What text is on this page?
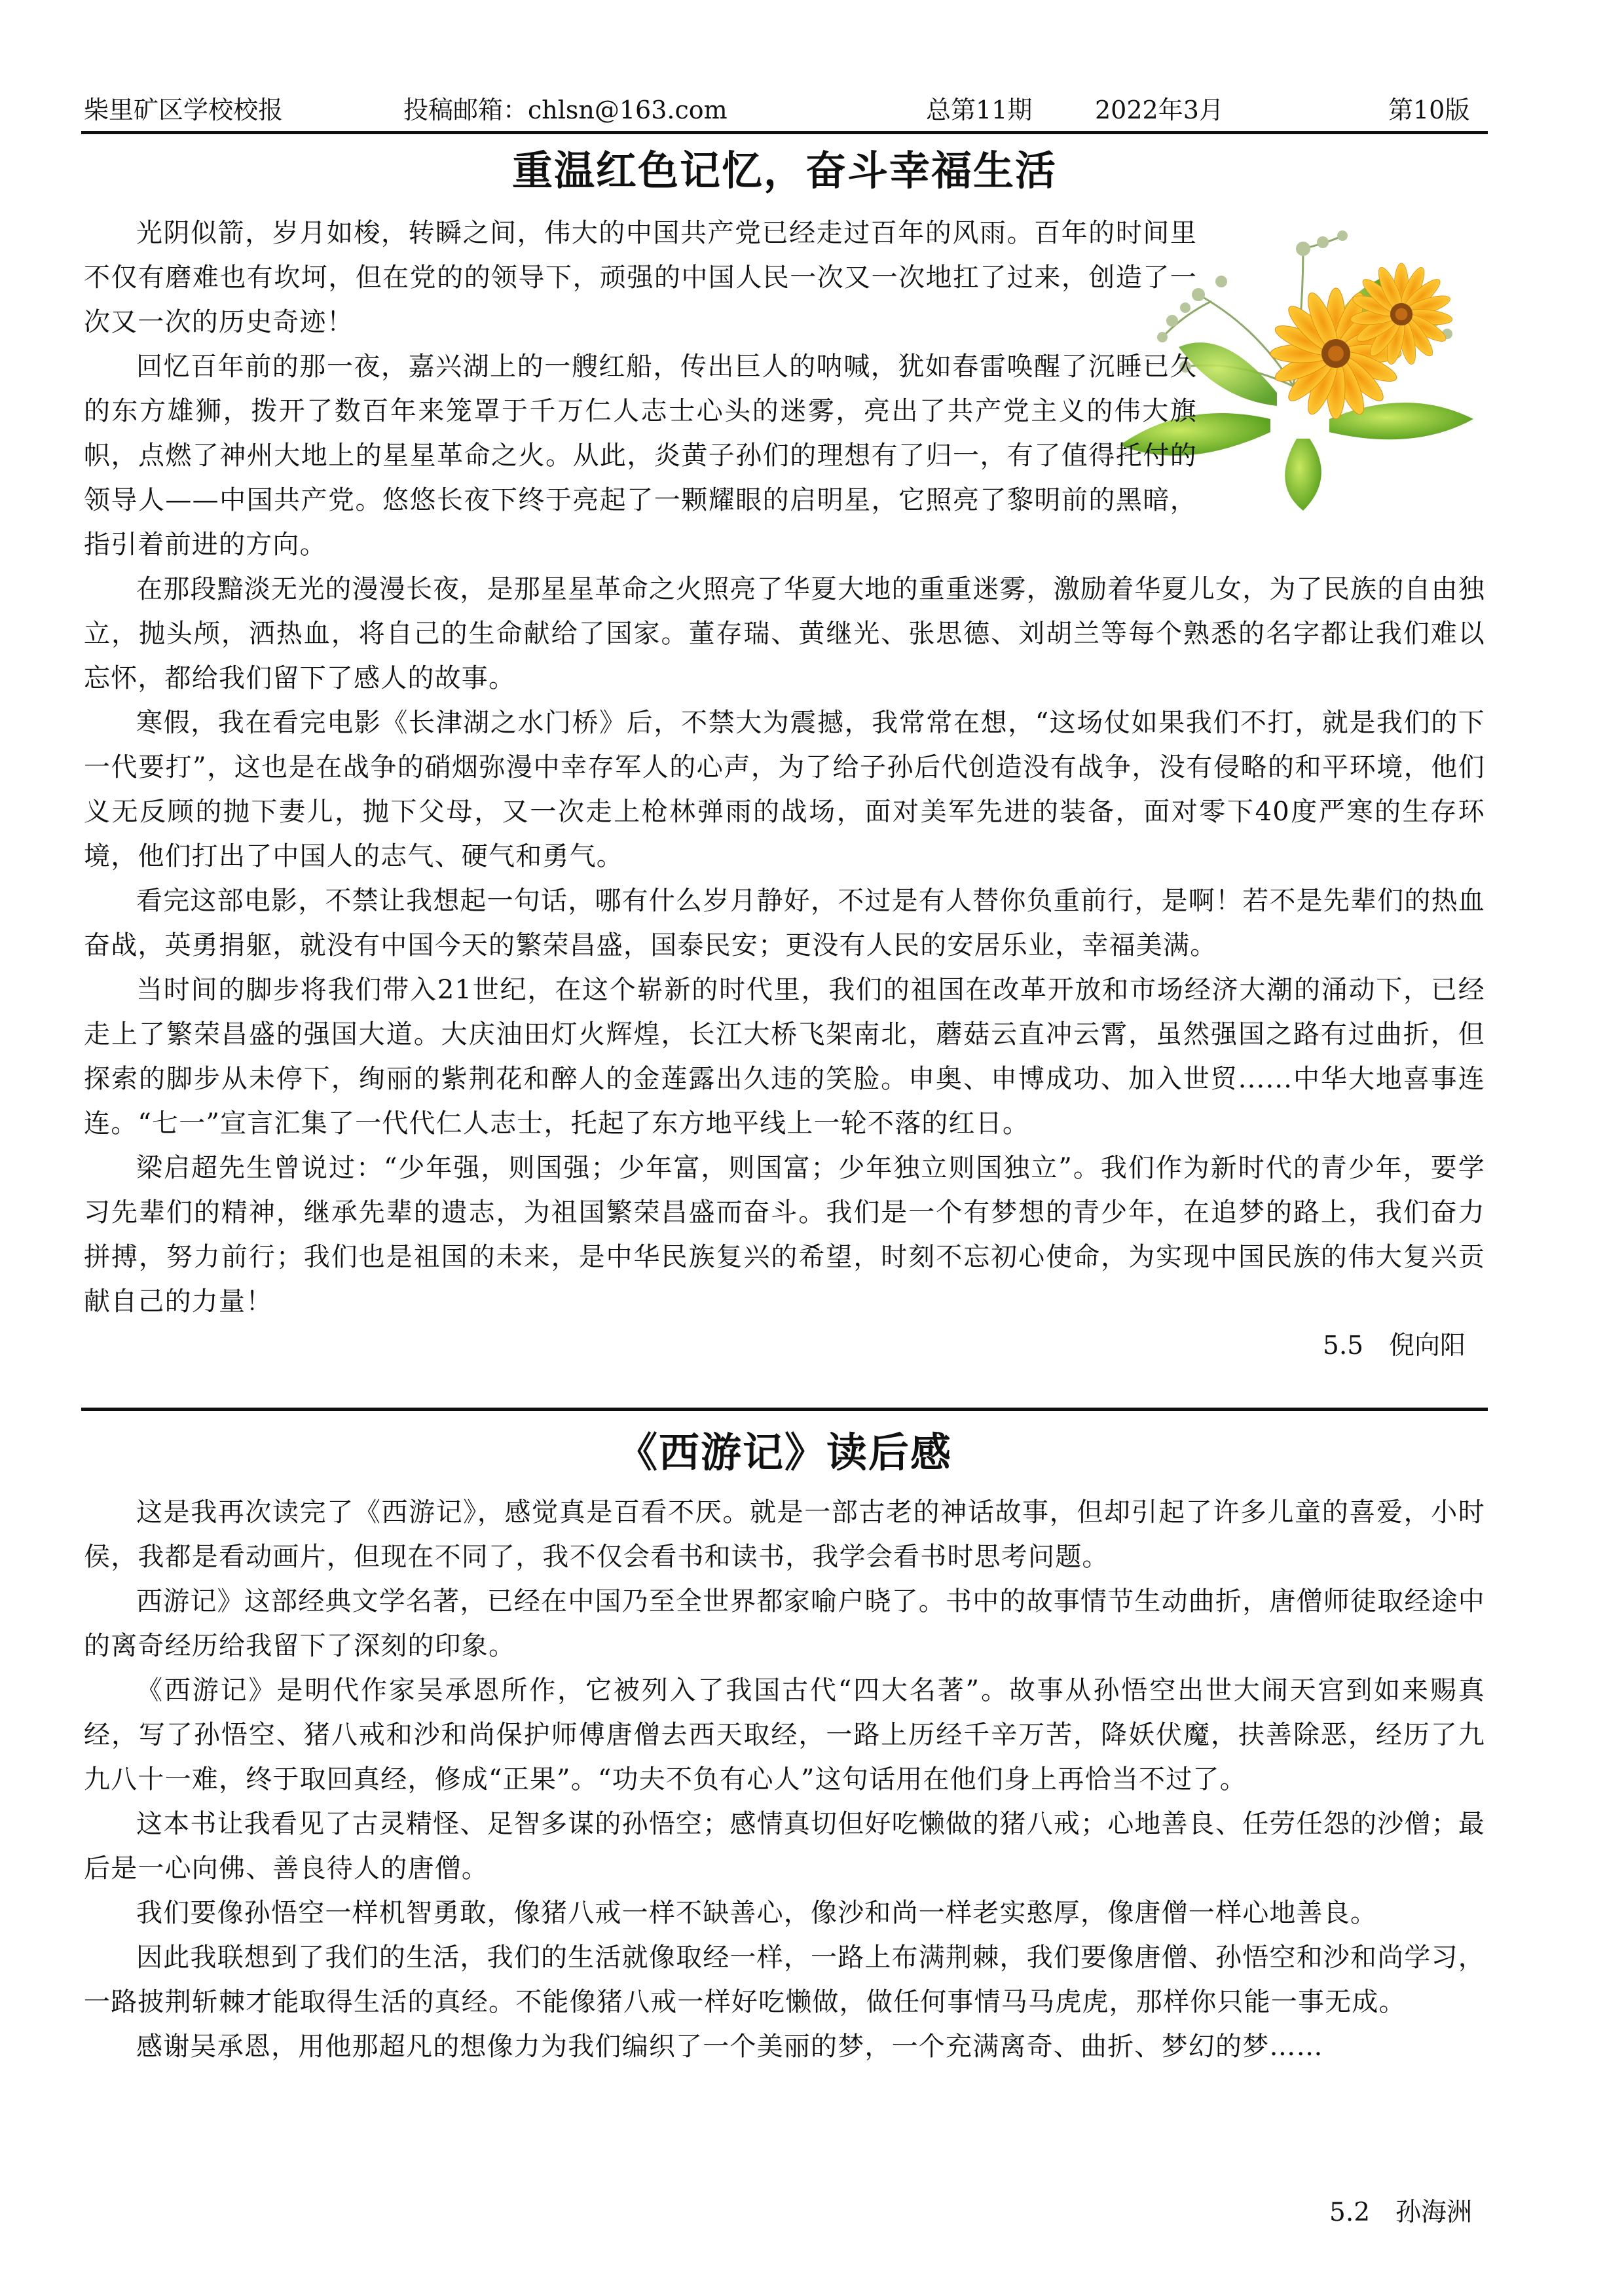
柴里矿区学校校报	投稿邮箱：chlsn@163.com	总第11期	2022年3月	第10版
重温红色记忆，奋斗幸福生活

光阴似箭，岁月如梭，转瞬之间，伟大的中国共产党已经走过百年的风雨。百年的时间里不仅有磨难也有坎坷，但在党的的领导下，顽强的中国人民一次又一次地扛了过来，创造了一次又一次的历史奇迹！

回忆百年前的那一夜，嘉兴湖上的一艘红船，传出巨人的呐喊，犹如春雷唤醒了沉睡已久的东方雄狮，拨开了数百年来笼罩于千万仁人志士心头的迷雾，亮出了共产党主义的伟大旗帜，点燃了神州大地上的星星革命之火。从此，炎黄子孙们的理想有了归一，有了值得托付的领导人——中国共产党。悠悠长夜下终于亮起了一颗耀眼的启明星，它照亮了黎明前的黑暗，指引着前进的方向。

在那段黯淡无光的漫漫长夜，是那星星革命之火照亮了华夏大地的重重迷雾，激励着华夏儿女，为了民族的自由独立，抛头颅，洒热血，将自己的生命献给了国家。董存瑞、黄继光、张思德、刘胡兰等每个熟悉的名字都让我们难以忘怀，都给我们留下了感人的故事。

寒假，我在看完电影《长津湖之水门桥》后，不禁大为震撼，我常常在想，“这场仗如果我们不打，就是我们的下一代要打”，这也是在战争的硝烟弥漫中幸存军人的心声，为了给子孙后代创造没有战争，没有侵略的和平环境，他们义无反顾的抛下妻儿，抛下父母，又一次走上枪林弹雨的战场，面对美军先进的装备，面对零下40度严寒的生存环境，他们打出了中国人的志气、硬气和勇气。

看完这部电影，不禁让我想起一句话，哪有什么岁月静好，不过是有人替你负重前行，是啊！若不是先辈们的热血奋战，英勇捐躯，就没有中国今天的繁荣昌盛，国泰民安；更没有人民的安居乐业，幸福美满。

当时间的脚步将我们带入21世纪，在这个崭新的时代里，我们的祖国在改革开放和市场经济大潮的涌动下，已经走上了繁荣昌盛的强国大道。大庆油田灯火辉煌，长江大桥飞架南北，蘑菇云直冲云霄，虽然强国之路有过曲折，但探索的脚步从未停下，绚丽的紫荆花和醉人的金莲露出久违的笑脸。申奥、申博成功、加入世贸......中华大地喜事连连。“七一”宣言汇集了一代代仁人志士，托起了东方地平线上一轮不落的红日。

梁启超先生曾说过：“少年强，则国强；少年富，则国富；少年独立则国独立”。我们作为新时代的青少年，要学习先辈们的精神，继承先辈的遗志，为祖国繁荣昌盛而奋斗。我们是一个有梦想的青少年，在追梦的路上，我们奋力拼搏，努力前行；我们也是祖国的未来，是中华民族复兴的希望，时刻不忘初心使命，为实现中国民族的伟大复兴贡献自己的力量！

5.5　倪向阳
《西游记》读后感

这是我再次读完了《西游记》，感觉真是百看不厌。就是一部古老的神话故事，但却引起了许多儿童的喜爱，小时侯，我都是看动画片，但现在不同了，我不仅会看书和读书，我学会看书时思考问题。

西游记》这部经典文学名著，已经在中国乃至全世界都家喻户晓了。书中的故事情节生动曲折，唐僧师徒取经途中的离奇经历给我留下了深刻的印象。

《西游记》是明代作家吴承恩所作，它被列入了我国古代“四大名著”。故事从孙悟空出世大闹天宫到如来赐真经，写了孙悟空、猪八戒和沙和尚保护师傅唐僧去西天取经，一路上历经千辛万苦，降妖伏魔，扶善除恶，经历了九九八十一难，终于取回真经，修成“正果”。“功夫不负有心人”这句话用在他们身上再恰当不过了。

这本书让我看见了古灵精怪、足智多谋的孙悟空；感情真切但好吃懒做的猪八戒；心地善良、任劳任怨的沙僧；最后是一心向佛、善良待人的唐僧。

我们要像孙悟空一样机智勇敢，像猪八戒一样不缺善心，像沙和尚一样老实憨厚，像唐僧一样心地善良。

因此我联想到了我们的生活，我们的生活就像取经一样，一路上布满荆棘，我们要像唐僧、孙悟空和沙和尚学习，一路披荆斩棘才能取得生活的真经。不能像猪八戒一样好吃懒做，做任何事情马马虎虎，那样你只能一事无成。

感谢吴承恩，用他那超凡的想像力为我们编织了一个美丽的梦，一个充满离奇、曲折、梦幻的梦……

5.2　孙海洲
